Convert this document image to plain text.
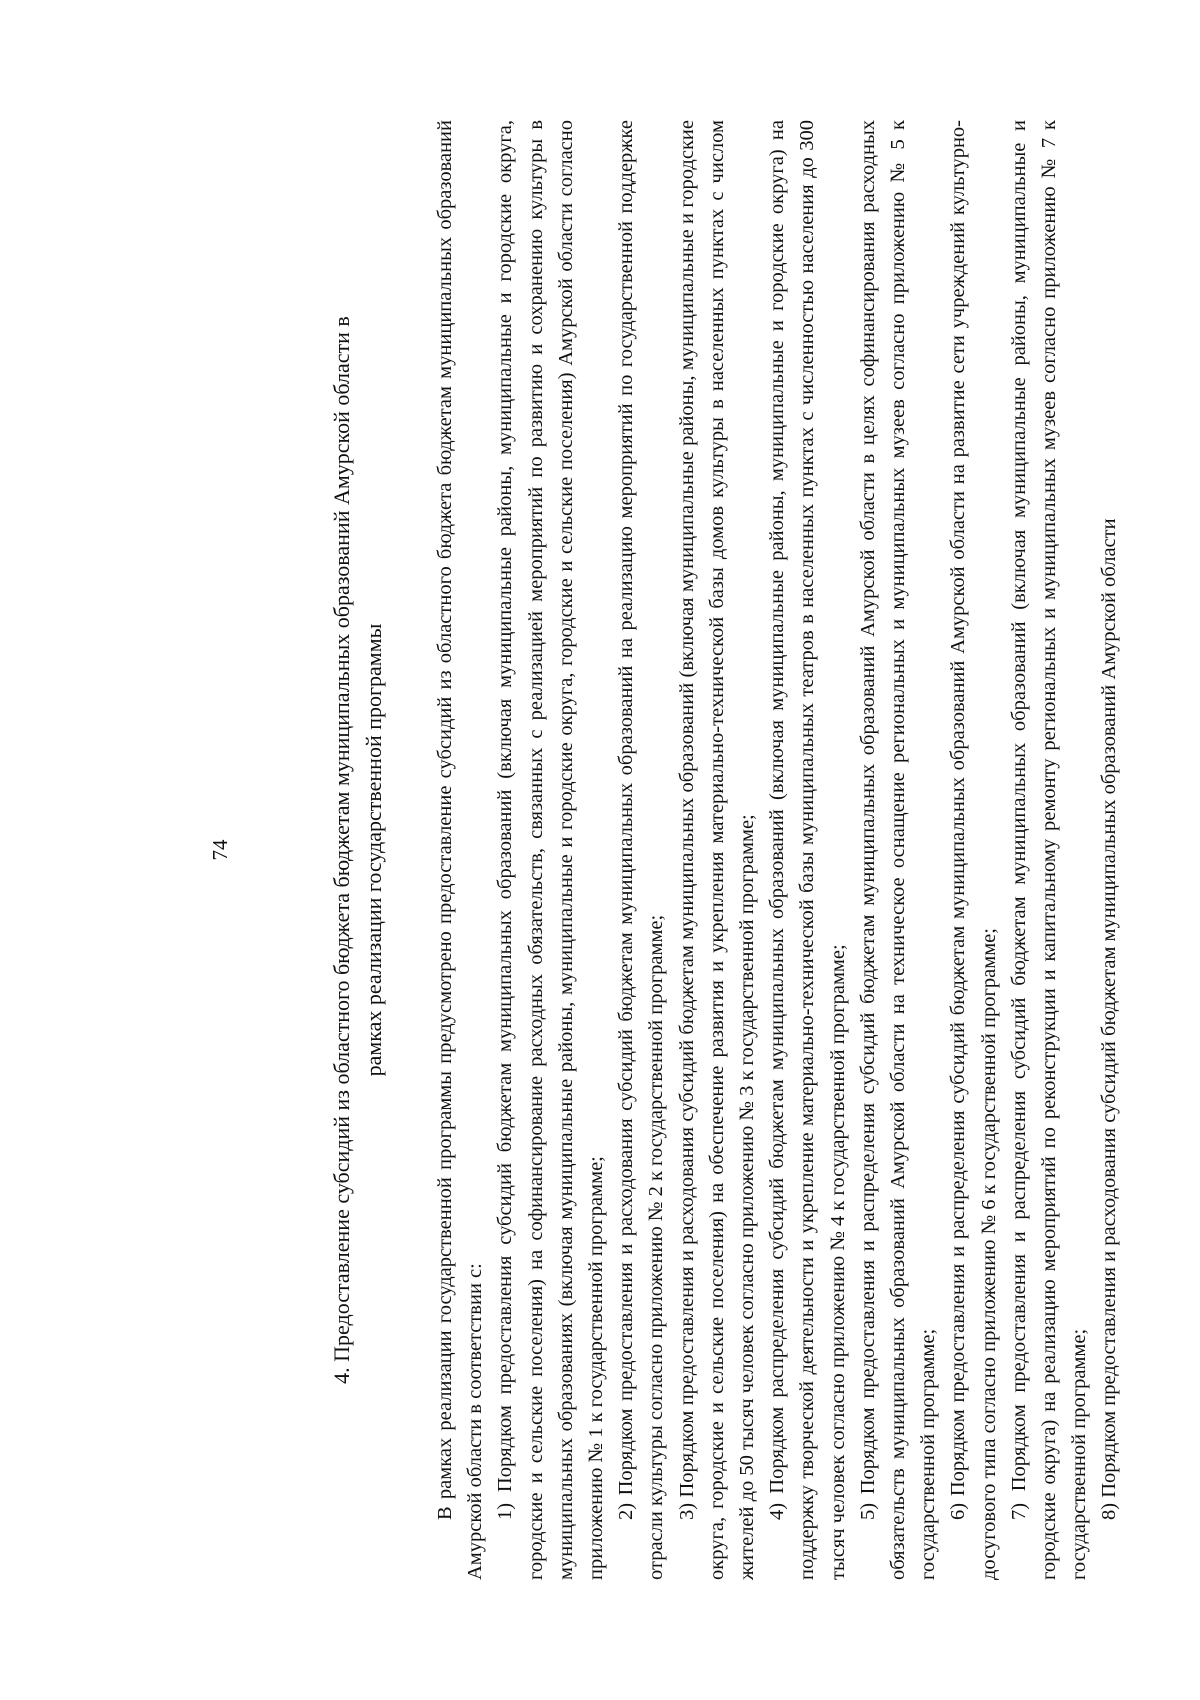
74	4. Предоставление субсидий из областного бюджета бюджетам муниципальных образований Амурской области в рамках реализации государственной программы В рамках реализации государственной программы предусмотрено предоставление субсидий из областного бюджета бюджетам муниципальных образований Амурской области в соответствии с: 1) Порядком предоставления субсидий бюджетам муниципальных образований (включая муниципальные районы, муниципальные и городские округа, городские и сельские поселения) на софинансирование расходных обязательств, связанных с реализацией мероприятий по развитию и сохранению культуры в муниципальных образованиях (включая муниципальные районы, муниципальные и городские округа, городские и сельские поселения) Амурской области согласно приложению № 1 к государственной программе; 2) Порядком предоставления и расходования субсидий бюджетам муниципальных образований на реализацию мероприятий по государственной поддержке отрасли культуры согласно приложению № 2 к государственной программе; 3) Порядком предоставления и расходования субсидий бюджетам муниципальных образований (включая муниципальные районы, муниципальные и городские округа, городские и сельские поселения) на обеспечение развития и укрепления материально-технической базы домов культуры в населенных пунктах с числом жителей до 50 тысяч человек согласно приложению № 3 к государственной программе; 4) Порядком распределения субсидий бюджетам муниципальных образований (включая муниципальные районы, муниципальные и городские округа) на поддержку творческой деятельности и укрепление материально-технической базы муниципальных театров в населенных пунктах с численностью населения до 300 тысяч человек согласно приложению № 4 к государственной программе; 5) Порядком предоставления и распределения субсидий бюджетам муниципальных образований Амурской области в целях софинансирования расходных обязательств муниципальных образований Амурской области на техническое оснащение региональных и муниципальных музеев согласно приложению № 5 к государственной программе; 6) Порядком предоставления и распределения субсидий бюджетам муниципальных образований Амурской области на развитие сети учреждений культурно-досугового типа согласно приложению № 6 к государственной программе; 7) Порядком предоставления и распределения субсидий бюджетам муниципальных образований (включая муниципальные районы, муниципальные и городские округа) на реализацию мероприятий по реконструкции и капитальному ремонту региональных и муниципальных музеев согласно приложению № 7 к государственной программе; 8) Порядком предоставления и расходования субсидий бюджетам муниципальных образований Амурской области
